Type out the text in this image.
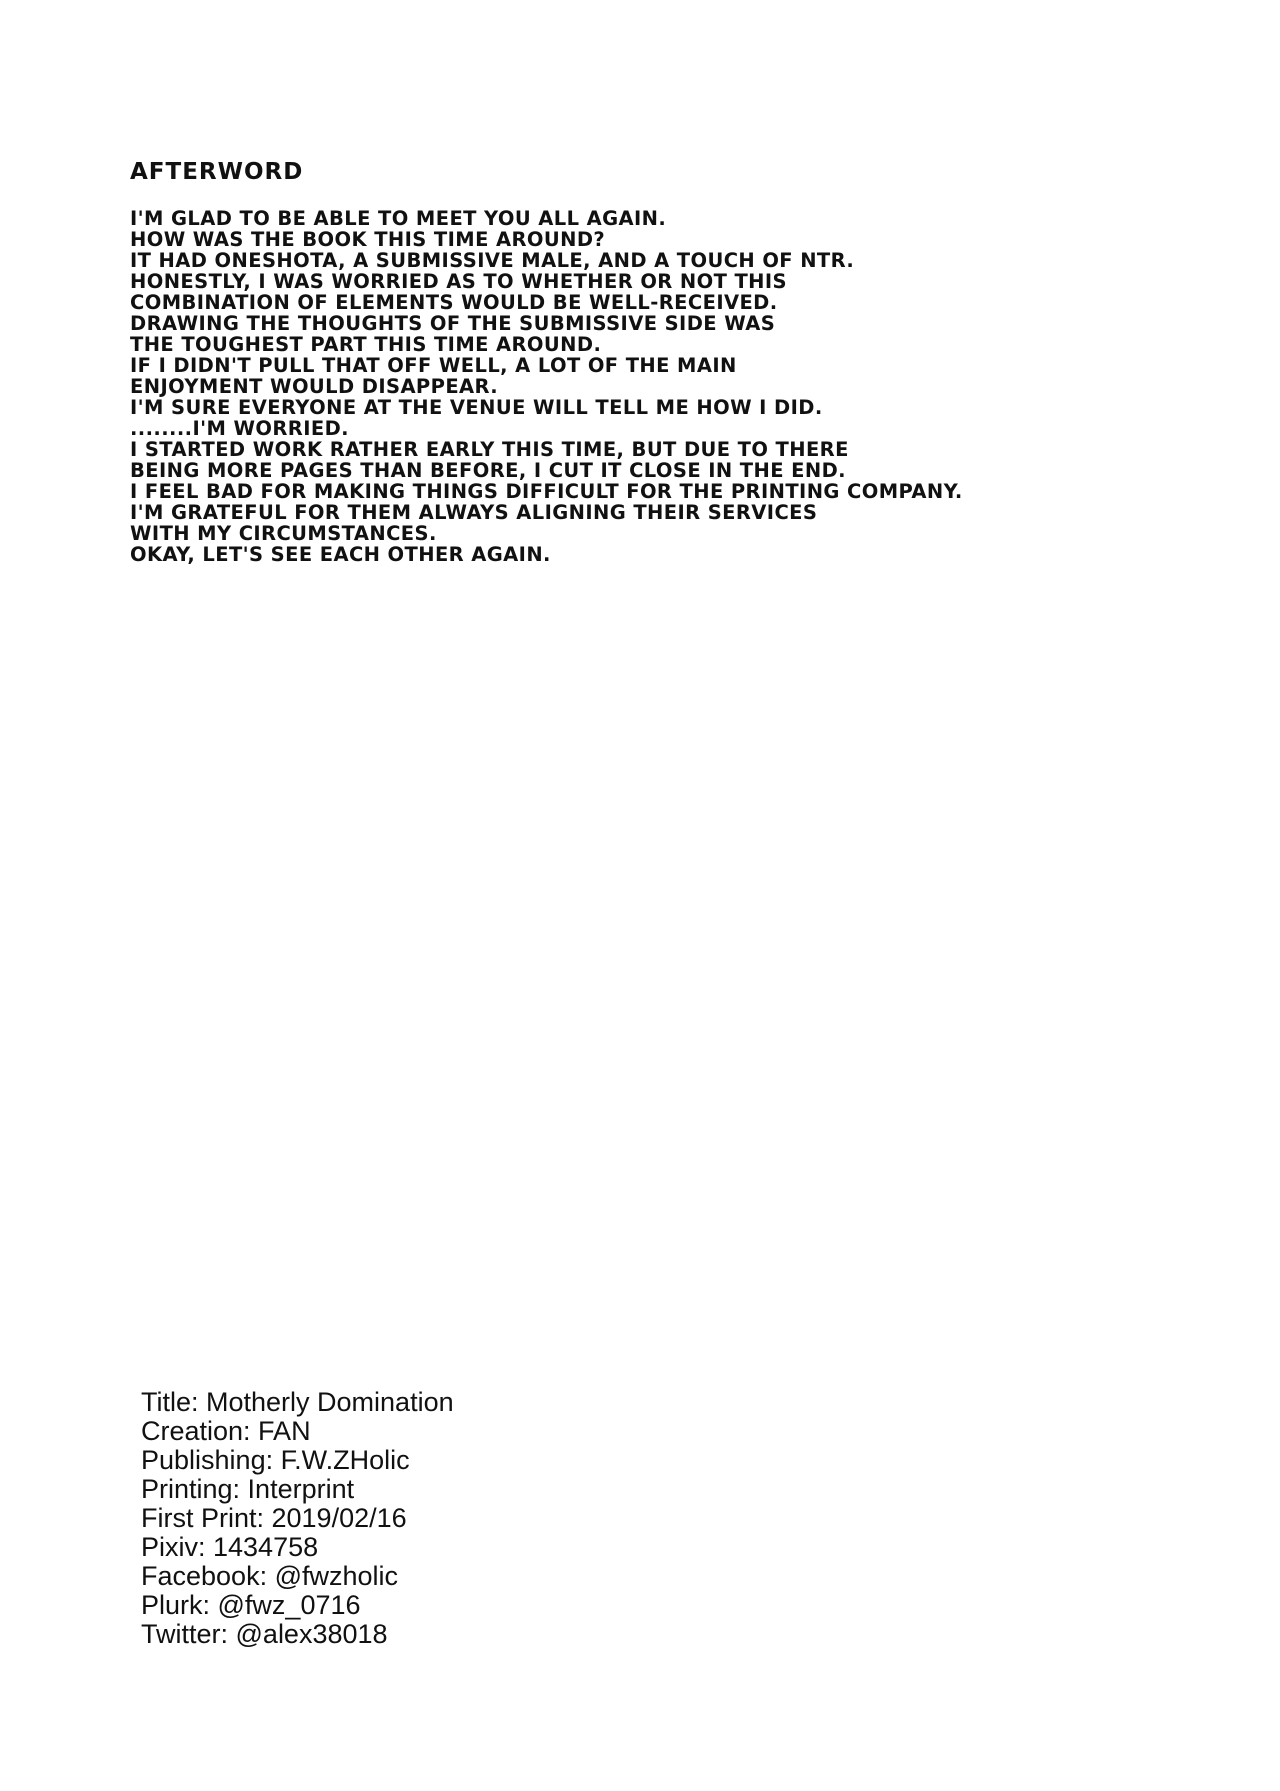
AFTERWORD
I'M GLAD TO BE ABLE TO MEET YOU ALL AGAIN.
HOW WAS THE BOOK THIS TIME AROUND?
IT HAD ONESHOTA, A SUBMISSIVE MALE, AND A TOUCH OF NTR.
HONESTLY, I WAS WORRIED AS TO WHETHER OR NOT THIS
COMBINATION OF ELEMENTS WOULD BE WELL-RECEIVED.
DRAWING THE THOUGHTS OF THE SUBMISSIVE SIDE WAS
THE TOUGHEST PART THIS TIME AROUND.
IF I DIDN'T PULL THAT OFF WELL, A LOT OF THE MAIN
ENJOYMENT WOULD DISAPPEAR.
I'M SURE EVERYONE AT THE VENUE WILL TELL ME HOW I DID.
........I'M WORRIED.
I STARTED WORK RATHER EARLY THIS TIME, BUT DUE TO THERE
BEING MORE PAGES THAN BEFORE, I CUT IT CLOSE IN THE END.
I FEEL BAD FOR MAKING THINGS DIFFICULT FOR THE PRINTING COMPANY.
I'M GRATEFUL FOR THEM ALWAYS ALIGNING THEIR SERVICES
WITH MY CIRCUMSTANCES.
OKAY, LET'S SEE EACH OTHER AGAIN.
Title: Motherly Domination
Creation: FAN
Publishing: F.W.ZHolic
Printing: Interprint
First Print: 2019/02/16
Pixiv: 1434758
Facebook: @fwzholic
Plurk: @fwz_0716
Twitter: @alex38018
